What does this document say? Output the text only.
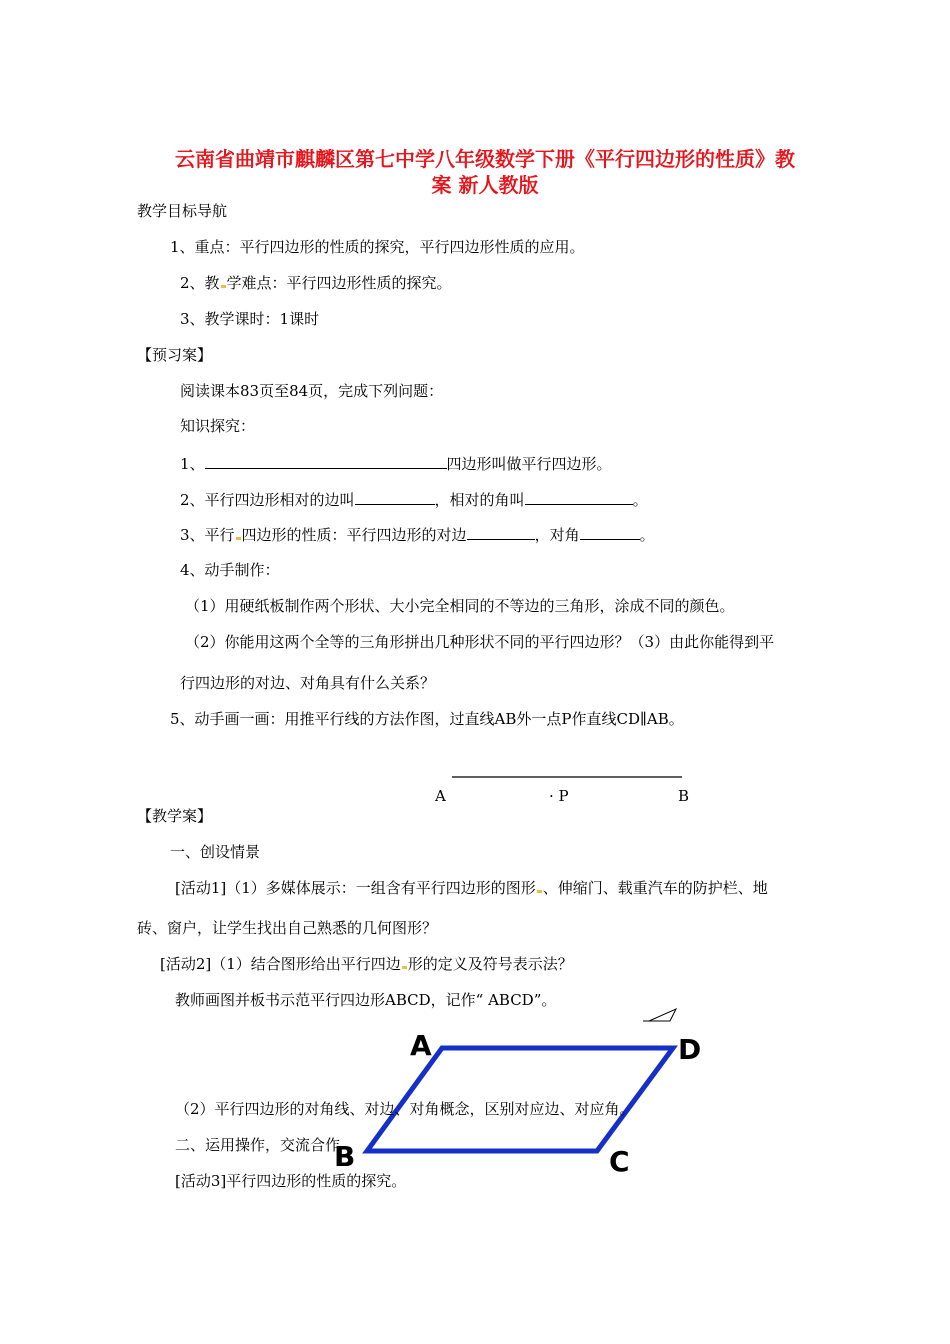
云南省曲靖市麒麟区第七中学八年级数学下册《平行四边形的性质》教
案 新人教版
教学目标导航
1、重点：平行四边形的性质的探究，平行四边形性质的应用。
2、教 学难点：平行四边形性质的探究。
3、教学课时：1课时
【预习案】
阅读课本83页至84页，完成下列问题：
知识探究：
1、	四边形叫做平行四边形。
2、平行四边形相对的边叫	，相对的角叫	。
3、平行 四边形的性质：平行四边形的对边	，对角	。
4、动手制作：
（1）用硬纸板制作两个形状、大小完全相同的不等边的三角形，涂成不同的颜色。
（2）你能用这两个全等的三角形拼出几种形状不同的平行四边形？（3）由此你能得到平
行四边形的对边、对角具有什么关系？
5、动手画一画：用推平行线的方法作图，过直线AB外一点P作直线CD∥AB。
A	· P	B
【教学案】
一、创设情景
[活动1]（1）多媒体展示：一组含有平行四边形的图形 、伸缩门、载重汽车的防护栏、地
砖、窗户，让学生找出自己熟悉的几何图形？
[活动2]（1）结合图形给出平行四边 形的定义及符号表示法？
教师画图并板书示范平行四边形ABCD，记作“ ABCD”。
（2）平行四边形的对角线、对边、对角概念，区别对应边、对应角。
二、运用操作，交流合作
[活动3]平行四边形的性质的探究。
A	D
B	C
